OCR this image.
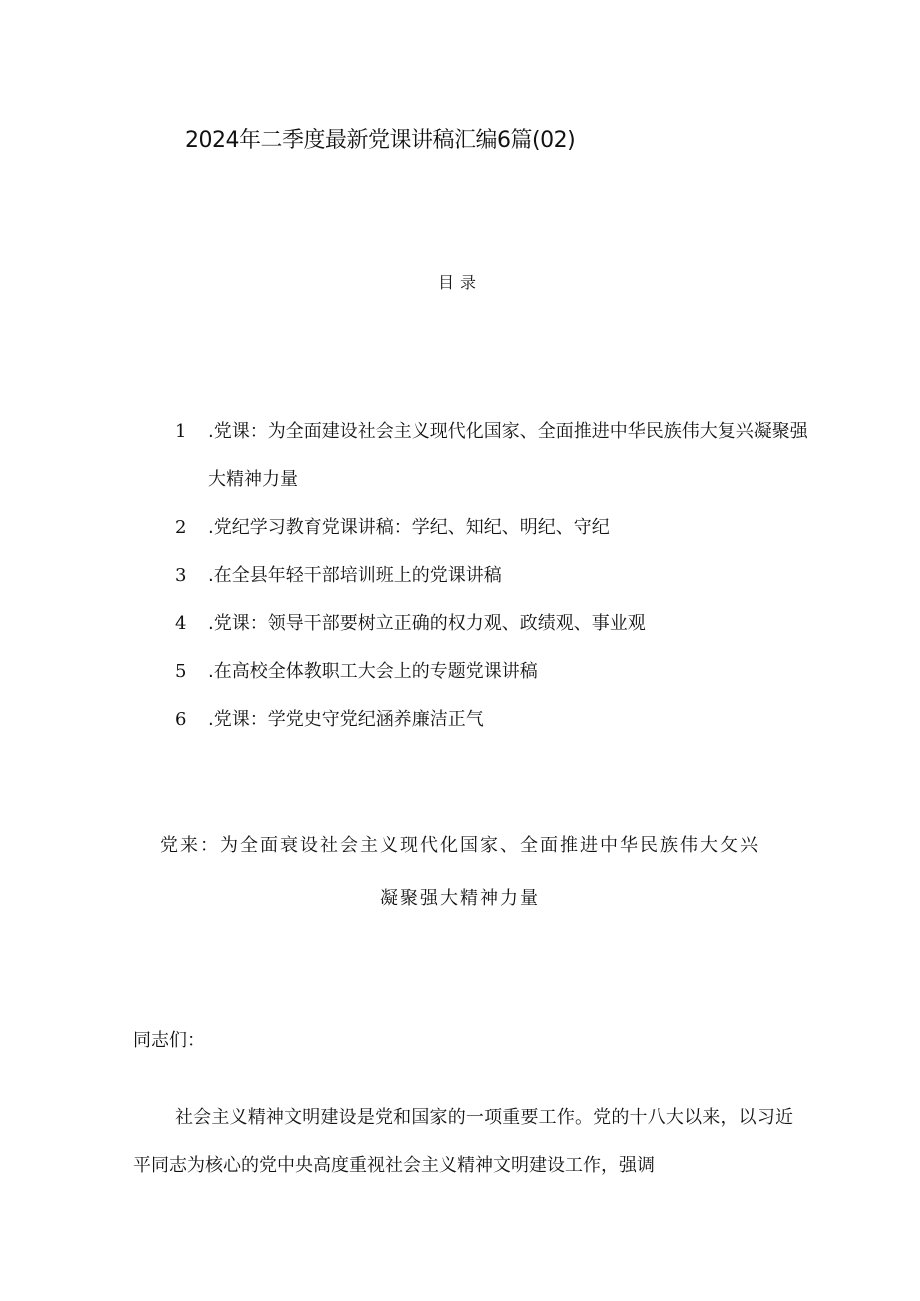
2024年二季度最新党课讲稿汇编6篇(02)
目录
1	.党课：为全面建设社会主义现代化国家、全面推进中华民族伟大复兴凝聚强大精神力量
2	.党纪学习教育党课讲稿：学纪、知纪、明纪、守纪
3	.在全县年轻干部培训班上的党课讲稿
4	.党课：领导干部要树立正确的权力观、政绩观、事业观
5	.在高校全体教职工大会上的专题党课讲稿
6	.党课：学党史守党纪涵养廉洁正气
党来：为全面衰设社会主义现代化国家、全面推进中华民族伟大攵兴
凝聚强大精神力量
同志们：

社会主义精神文明建设是党和国家的一项重要工作。党的十八大以来，以习近平同志为核心的党中央高度重视社会主义精神文明建设工作，强调
